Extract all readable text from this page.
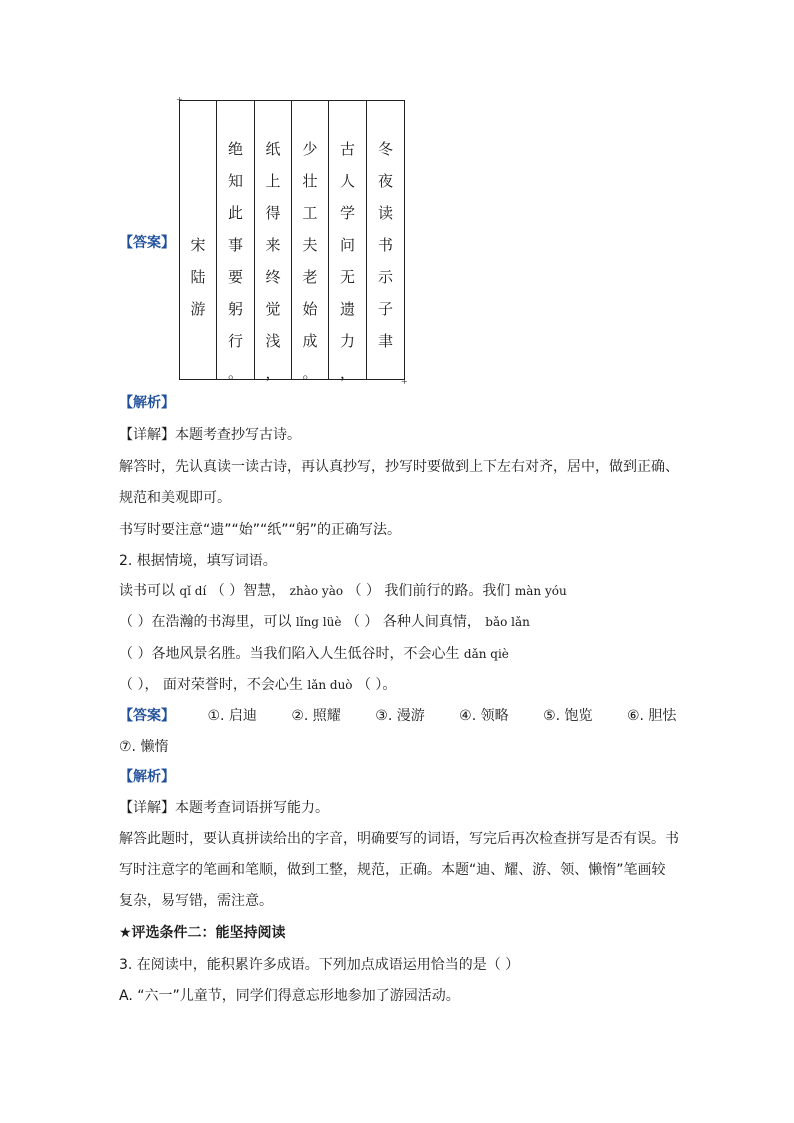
【答案】
+
+
宋
陆
游
绝
知
此
事
要
躬
行
。
纸
上
得
来
终
觉
浅
，
少
壮
工
夫
老
始
成
。
古
人
学
问
无
遗
力
，
冬
夜
读
书
示
子
聿
【解析】
【详解】本题考查抄写古诗。
解答时，先认真读一读古诗，再认真抄写，抄写时要做到上下左右对齐，居中，做到正确、
规范和美观即可。
书写时要注意“遗”“始”“纸”“躬”的正确写法。
2. 根据情境，填写词语。
读书可以 qǐ dí （ ）智慧， zhào yào （ ） 我们前行的路。我们 màn yóu
（ ）在浩瀚的书海里，可以 lǐng lüè （ ） 各种人间真情， bǎo lǎn
（ ）各地风景名胜。当我们陷入人生低谷时，不会心生 dǎn qiè
（ ）， 面对荣誉时，不会心生 lǎn duò （ ）。
【答案】 ①. 启迪 ②. 照耀 ③. 漫游 ④. 领略 ⑤. 饱览 ⑥. 胆怯
⑦. 懒惰
【解析】
【详解】本题考查词语拼写能力。
解答此题时，要认真拼读给出的字音，明确要写的词语，写完后再次检查拼写是否有误。书
写时注意字的笔画和笔顺，做到工整，规范，正确。本题“迪、耀、游、领、懒惰”笔画较
复杂，易写错，需注意。
★评选条件二：能坚持阅读
3. 在阅读中，能积累许多成语。下列加点成语运用恰当的是（ ）
A. “六一”儿童节，同学们得意忘形地参加了游园活动。
